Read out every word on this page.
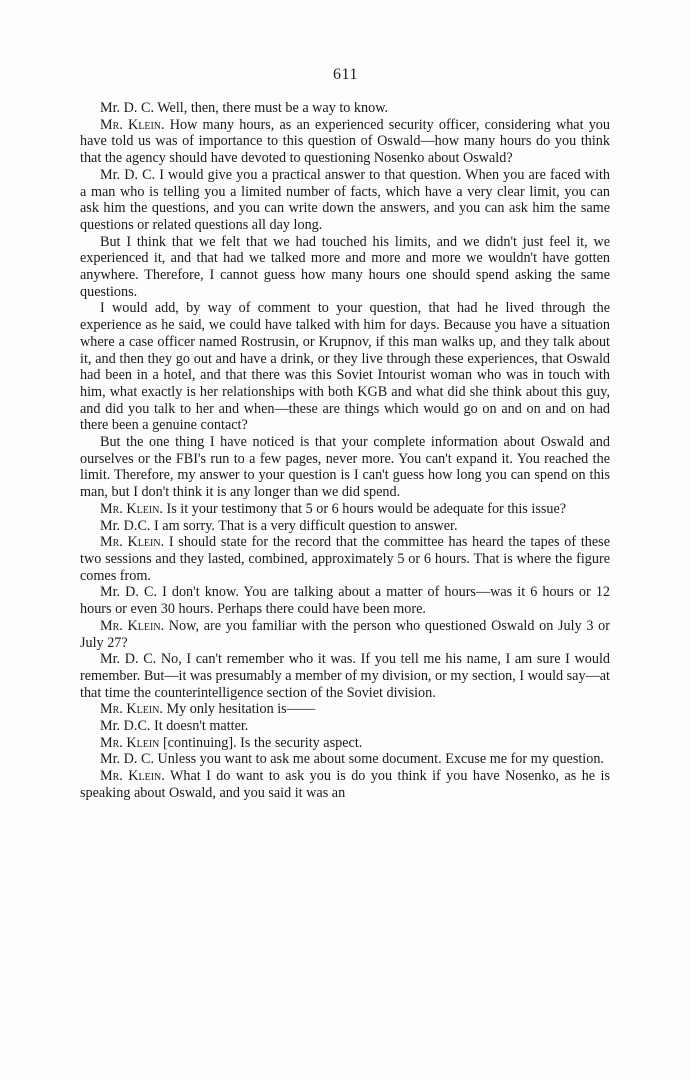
611

Mr. D. C. Well, then, there must be a way to know.

Mr. Klein. How many hours, as an experienced security officer, considering what you have told us was of importance to this question of Oswald—how many hours do you think that the agency should have devoted to questioning Nosenko about Oswald?

Mr. D. C. I would give you a practical answer to that question. When you are faced with a man who is telling you a limited number of facts, which have a very clear limit, you can ask him the questions, and you can write down the answers, and you can ask him the same questions or related questions all day long.

But I think that we felt that we had touched his limits, and we didn't just feel it, we experienced it, and that had we talked more and more and more we wouldn't have gotten anywhere. Therefore, I cannot guess how many hours one should spend asking the same questions.

I would add, by way of comment to your question, that had he lived through the experience as he said, we could have talked with him for days. Because you have a situation where a case officer named Rostrusin, or Krupnov, if this man walks up, and they talk about it, and then they go out and have a drink, or they live through these experiences, that Oswald had been in a hotel, and that there was this Soviet Intourist woman who was in touch with him, what exactly is her relationships with both KGB and what did she think about this guy, and did you talk to her and when—these are things which would go on and on and on had there been a genuine contact?

But the one thing I have noticed is that your complete information about Oswald and ourselves or the FBI's run to a few pages, never more. You can't expand it. You reached the limit. Therefore, my answer to your question is I can't guess how long you can spend on this man, but I don't think it is any longer than we did spend.

Mr. Klein. Is it your testimony that 5 or 6 hours would be adequate for this issue?

Mr. D.C. I am sorry. That is a very difficult question to answer.

Mr. Klein. I should state for the record that the committee has heard the tapes of these two sessions and they lasted, combined, approximately 5 or 6 hours. That is where the figure comes from.

Mr. D. C. I don't know. You are talking about a matter of hours—was it 6 hours or 12 hours or even 30 hours. Perhaps there could have been more.

Mr. Klein. Now, are you familiar with the person who questioned Oswald on July 3 or July 27?

Mr. D. C. No, I can't remember who it was. If you tell me his name, I am sure I would remember. But—it was presumably a member of my division, or my section, I would say—at that time the counterintelligence section of the Soviet division.

Mr. Klein. My only hesitation is——

Mr. D.C. It doesn't matter.

Mr. Klein [continuing]. Is the security aspect.

Mr. D. C. Unless you want to ask me about some document. Excuse me for my question.

Mr. Klein. What I do want to ask you is do you think if you have Nosenko, as he is speaking about Oswald, and you said it was an
